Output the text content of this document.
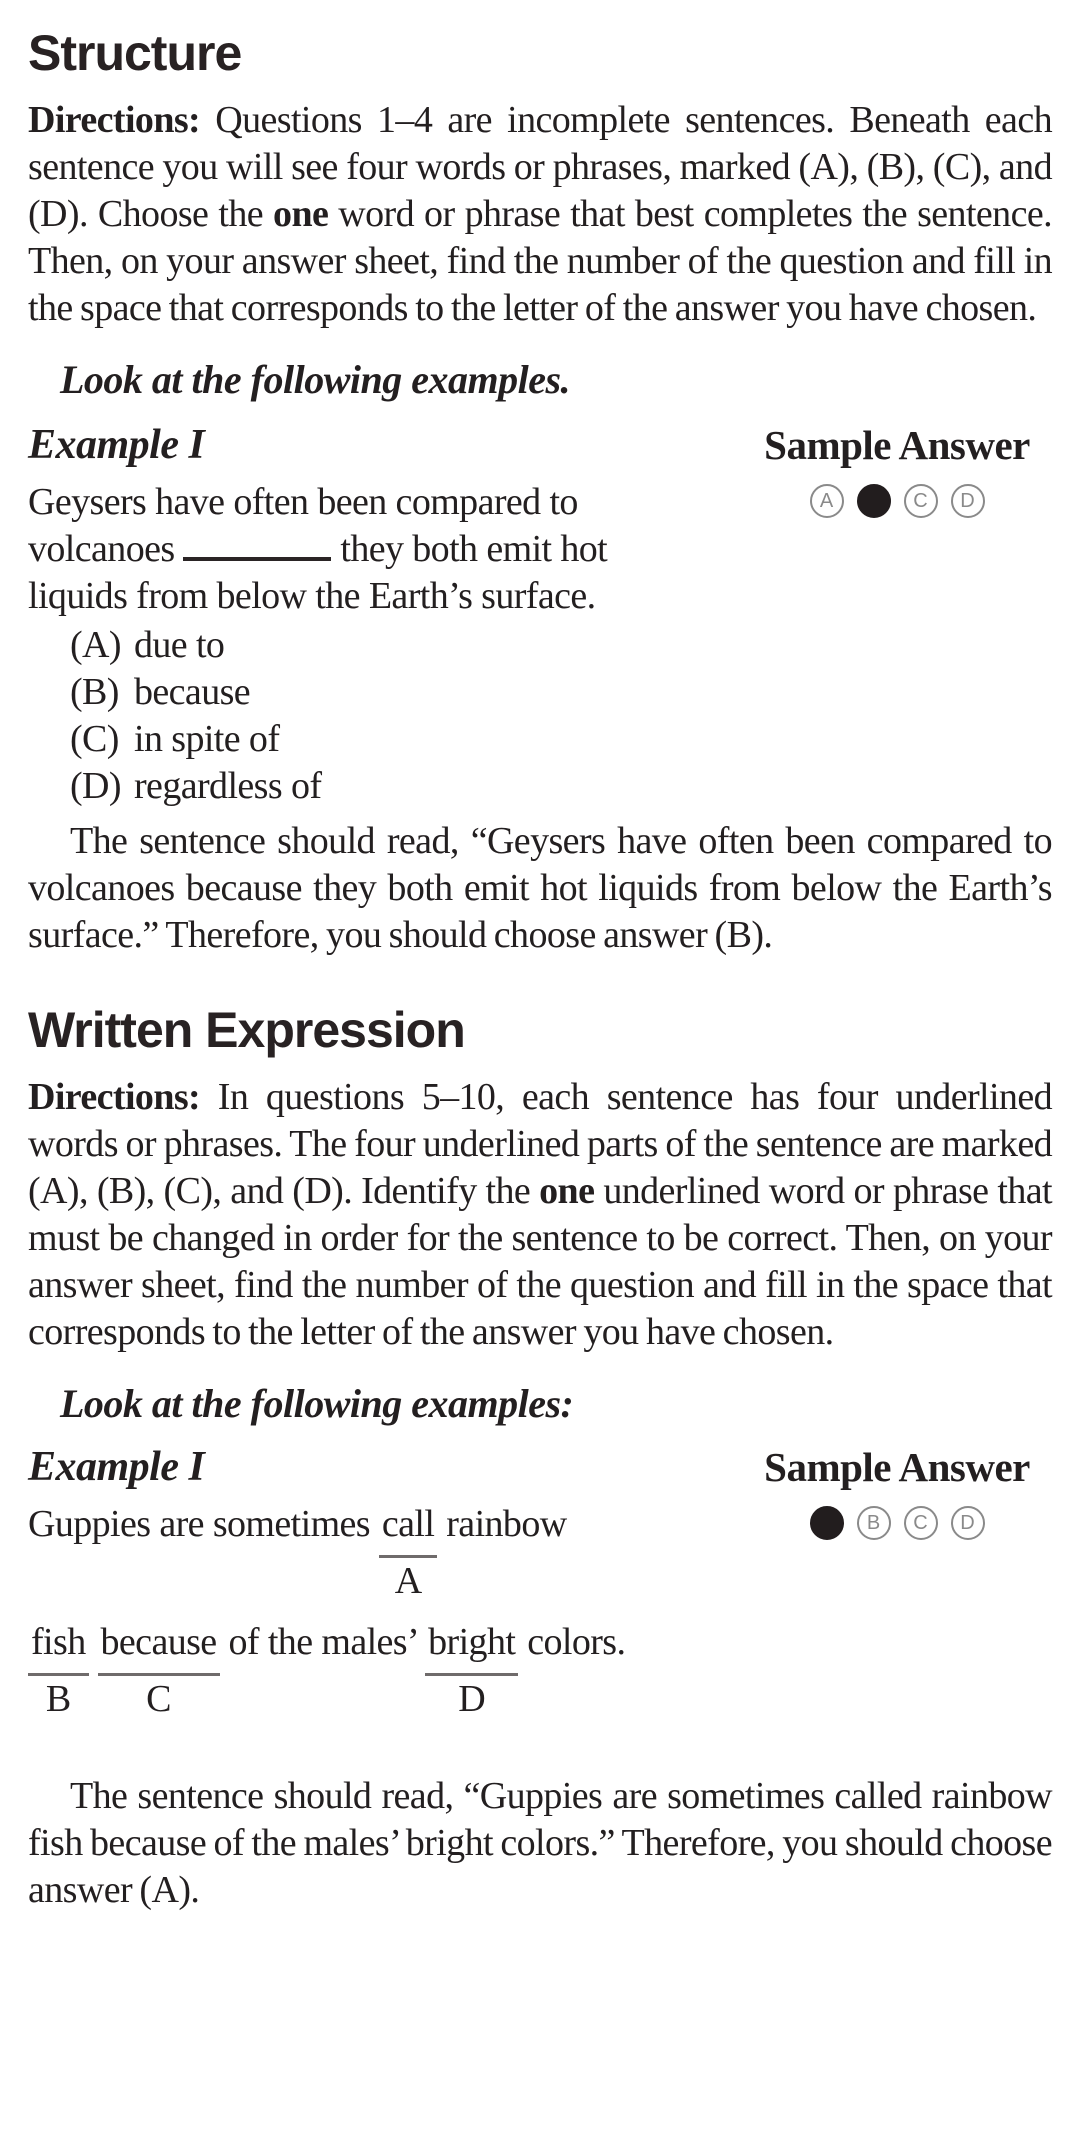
Structure

Directions: Questions 1–4 are incomplete sentences. Beneath each sentence you will see four words or phrases, marked (A), (B), (C), and (D). Choose the one word or phrase that best completes the sentence. Then, on your answer sheet, find the number of the question and fill in the space that corresponds to the letter of the answer you have chosen.

Look at the following examples.

Example I	Sample Answer
Geysers have often been compared to
volcanoes	they both emit hot
liquids from below the Earth’s surface.
(A) due to
(B) because
(C) in spite of
(D) regardless of
A	C	D

The sentence should read, “Geysers have often been compared to volcanoes because they both emit hot liquids from below the Earth’s surface.” Therefore, you should choose answer (B).

Written Expression

Directions: In questions 5–10, each sentence has four underlined words or phrases. The four underlined parts of the sentence are marked (A), (B), (C), and (D). Identify the one underlined word or phrase that must be changed in order for the sentence to be correct. Then, on your answer sheet, find the number of the question and fill in the space that corresponds to the letter of the answer you have chosen.

Look at the following examples:

Example I	Sample Answer
Guppies are sometimes call
A
rainbow
fish
B

because
C
of the males’ bright
D
colors.
B	C	D

The sentence should read, “Guppies are sometimes called rainbow fish because of the males’ bright colors.” Therefore, you should choose answer (A).
